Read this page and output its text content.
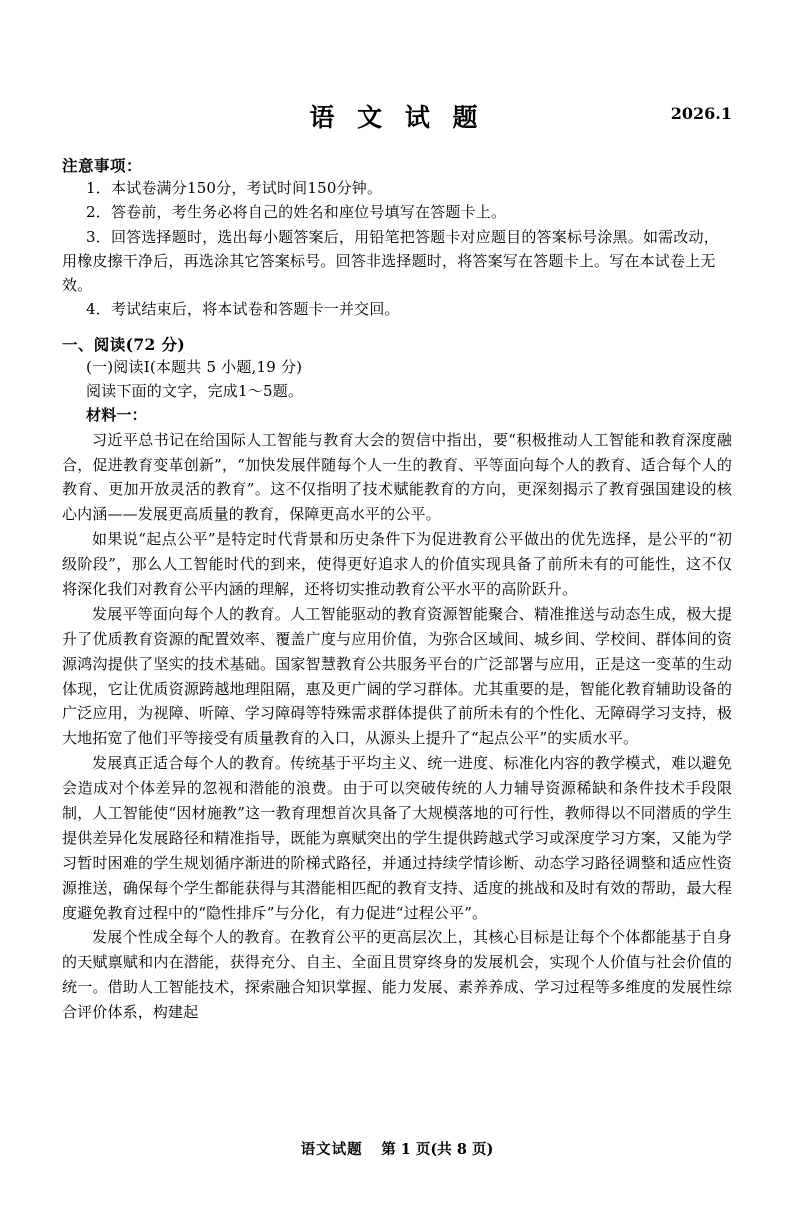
语 文 试 题	2026.1
注意事项：
1．本试卷满分150分，考试时间150分钟。
2．答卷前，考生务必将自己的姓名和座位号填写在答题卡上。
3．回答选择题时，选出每小题答案后，用铅笔把答题卡对应题目的答案标号涂黑。如需改动，用橡皮擦干净后，再选涂其它答案标号。回答非选择题时，将答案写在答题卡上。写在本试卷上无效。
4．考试结束后，将本试卷和答题卡一并交回。
一、阅读(72 分)
(一)阅读Ⅰ(本题共 5 小题,19 分)
阅读下面的文字，完成1～5题。
材料一：

习近平总书记在给国际人工智能与教育大会的贺信中指出，要“积极推动人工智能和教育深度融合，促进教育变革创新”，“加快发展伴随每个人一生的教育、平等面向每个人的教育、适合每个人的教育、更加开放灵活的教育”。这不仅指明了技术赋能教育的方向，更深刻揭示了教育强国建设的核心内涵——发展更高质量的教育，保障更高水平的公平。

如果说“起点公平”是特定时代背景和历史条件下为促进教育公平做出的优先选择，是公平的“初级阶段”，那么人工智能时代的到来，使得更好追求人的价值实现具备了前所未有的可能性，这不仅将深化我们对教育公平内涵的理解，还将切实推动教育公平水平的高阶跃升。

发展平等面向每个人的教育。人工智能驱动的教育资源智能聚合、精准推送与动态生成，极大提升了优质教育资源的配置效率、覆盖广度与应用价值，为弥合区域间、城乡间、学校间、群体间的资源鸿沟提供了坚实的技术基础。国家智慧教育公共服务平台的广泛部署与应用，正是这一变革的生动体现，它让优质资源跨越地理阻隔，惠及更广阔的学习群体。尤其重要的是，智能化教育辅助设备的广泛应用，为视障、听障、学习障碍等特殊需求群体提供了前所未有的个性化、无障碍学习支持，极大地拓宽了他们平等接受有质量教育的入口，从源头上提升了“起点公平”的实质水平。

发展真正适合每个人的教育。传统基于平均主义、统一进度、标准化内容的教学模式，难以避免会造成对个体差异的忽视和潜能的浪费。由于可以突破传统的人力辅导资源稀缺和条件技术手段限制，人工智能使“因材施教”这一教育理想首次具备了大规模落地的可行性，教师得以不同潜质的学生提供差异化发展路径和精准指导，既能为禀赋突出的学生提供跨越式学习或深度学习方案，又能为学习暂时困难的学生规划循序渐进的阶梯式路径，并通过持续学情诊断、动态学习路径调整和适应性资源推送，确保每个学生都能获得与其潜能相匹配的教育支持、适度的挑战和及时有效的帮助，最大程度避免教育过程中的“隐性排斥”与分化，有力促进“过程公平”。

发展个性成全每个人的教育。在教育公平的更高层次上，其核心目标是让每个个体都能基于自身的天赋禀赋和内在潜能，获得充分、自主、全面且贯穿终身的发展机会，实现个人价值与社会价值的统一。借助人工智能技术，探索融合知识掌握、能力发展、素养养成、学习过程等多维度的发展性综合评价体系，构建起

语文试题 第 1 页(共 8 页)
